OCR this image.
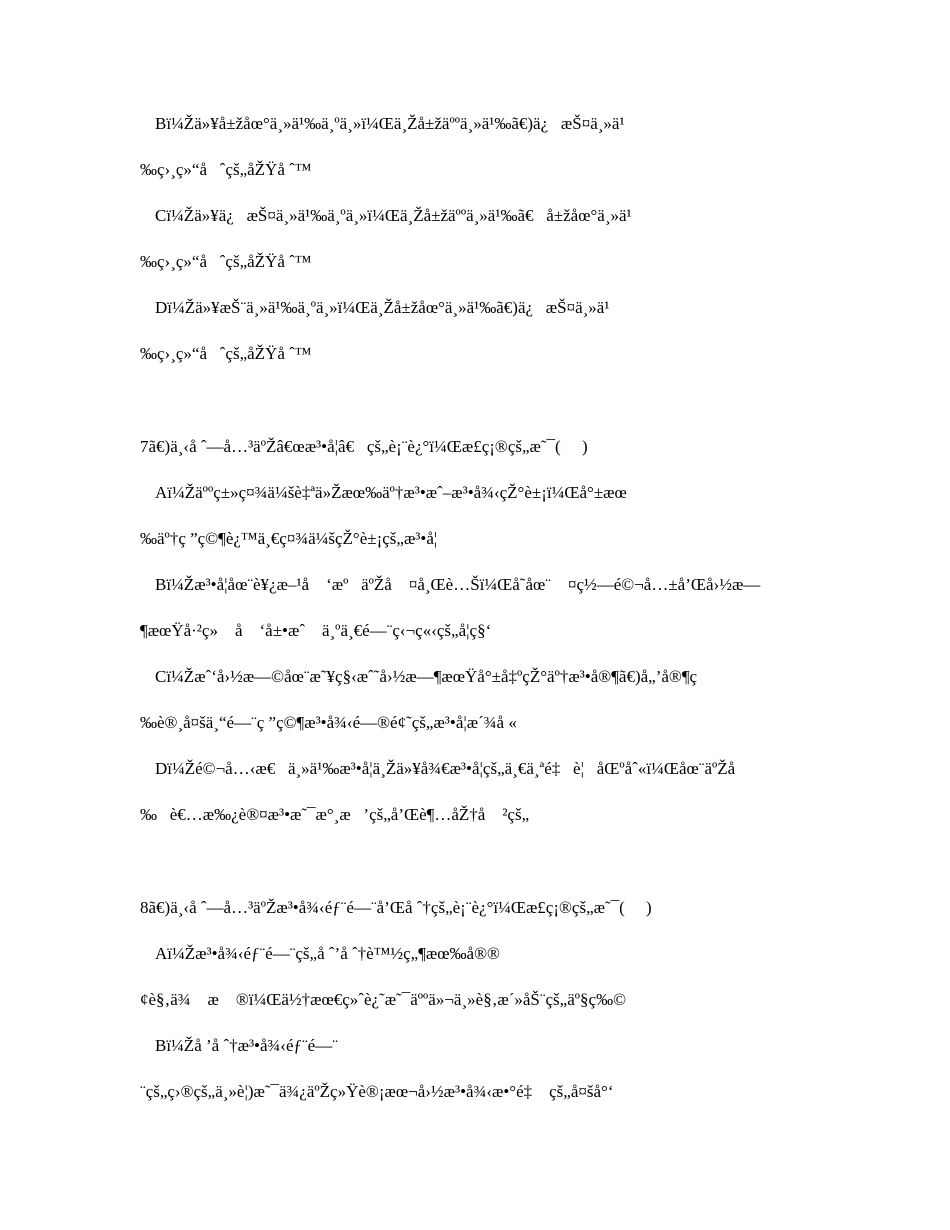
Bï¼Žä»¥å±žåœ°ä¸»ä¹‰ä¸ºä¸»ï¼Œä¸Žå±žäººä¸»ä¹‰ã€)ä¿   æŠ¤ä¸»ä¹

‰ç›¸ç»“å   ˆçš„åŽŸå ˆ™

Cï¼Žä»¥ä¿   æŠ¤ä¸»ä¹‰ä¸ºä¸»ï¼Œä¸Žå±žäººä¸»ä¹‰ã€   å±žåœ°ä¸»ä¹

‰ç›¸ç»“å   ˆçš„åŽŸå ˆ™

Dï¼Žä»¥æŠ¨ä¸»ä¹‰ä¸ºä¸»ï¼Œä¸Žå±žåœ°ä¸»ä¹‰ã€)ä¿   æŠ¤ä¸»ä¹

‰ç›¸ç»“å   ˆçš„åŽŸå ˆ™

7ã€)ä¸‹å ˆ—å…³äºŽâ€œæ³•å¦â€   çš„è¡¨è¿°ï¼Œæ£ç¡®çš„æ˜¯(     )

Aï¼Žäººç±»ç¤¾ä¼šè‡ªä»Žæœ‰äº†æ³•æˆ–æ³•å¾‹çŽ°è±¡ï¼Œå°±æœ

‰äº†ç ”ç©¶è¿™ä¸€ç¤¾ä¼šçŽ°è±¡çš„æ³•å¦

Bï¼Žæ³•å¦åœ¨è¥¿æ–¹å    ‘æº   äºŽå    ¤å¸Œè…Šï¼Œå˜åœ¨    ¤ç½—é©¬å…±å’Œå›½æ—

¶æœŸå·²ç»    å    ‘å±•æˆ    ä¸ºä¸€é—¨ç‹¬ç«‹çš„å¦ç§‘

Cï¼Žæˆ‘å›½æ—©åœ¨æ˜¥ç§‹æˆ˜å›½æ—¶æœŸå°±å‡ºçŽ°äº†æ³•å®¶ã€)å„’å®¶ç

‰è®¸å¤šä¸“é—¨ç ”ç©¶æ³•å¾‹é—®é¢˜çš„æ³•å¦æ´¾å «

Dï¼Žé©¬å…‹æ€   ä¸»ä¹‰æ³•å¦ä¸Žä»¥å¾€æ³•å¦çš„ä¸€ä¸ªé‡   è¦   åŒºåˆ«ï¼Œåœ¨äºŽå

‰   è€…æ‰¿è®¤æ³•æ˜¯æ°¸æ   ’çš„å’Œè¶…åŽ†å    ²çš„

8ã€)ä¸‹å ˆ—å…³äºŽæ³•å¾‹éƒ¨é—¨å’Œå ˆ†çš„è¡¨è¿°ï¼Œæ£ç¡®çš„æ˜¯(     )

Aï¼Žæ³•å¾‹éƒ¨é—¨çš„å ˆ’å ˆ†è™½ç„¶æœ‰å®®

¢è§‚ä¾    æ    ®ï¼Œä½†æœ€ç»ˆè¿˜æ˜¯äººä»¬ä¸»è§‚æ´»åŠ¨çš„äº§ç‰©

Bï¼Žå ’å ˆ†æ³•å¾‹éƒ¨é—¨

¨çš„ç›®çš„ä¸»è¦)æ˜¯ä¾¿äºŽç»Ÿè®¡æœ¬å›½æ³•å¾‹æ•°é‡    çš„å¤šå°‘
